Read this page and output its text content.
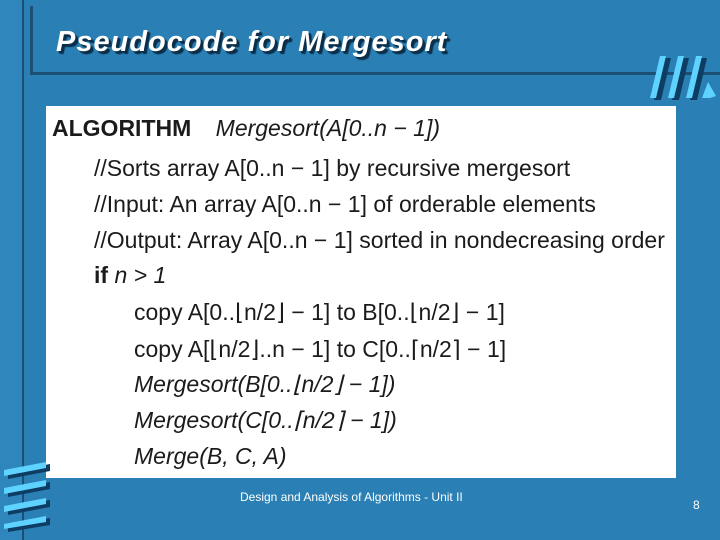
Pseudocode for Mergesort
ALGORITHM Mergesort(A[0..n − 1])
//Sorts array A[0..n − 1] by recursive mergesort
//Input: An array A[0..n − 1] of orderable elements
//Output: Array A[0..n − 1] sorted in nondecreasing order
if n > 1
copy A[0..⌊n/2⌋ − 1] to B[0..⌊n/2⌋ − 1]
copy A[⌊n/2⌋..n − 1] to C[0..⌈n/2⌉ − 1]
Mergesort(B[0..⌊n/2⌋ − 1])
Mergesort(C[0..⌈n/2⌉ − 1])
Merge(B, C, A)
Design and Analysis of Algorithms - Unit II
8
